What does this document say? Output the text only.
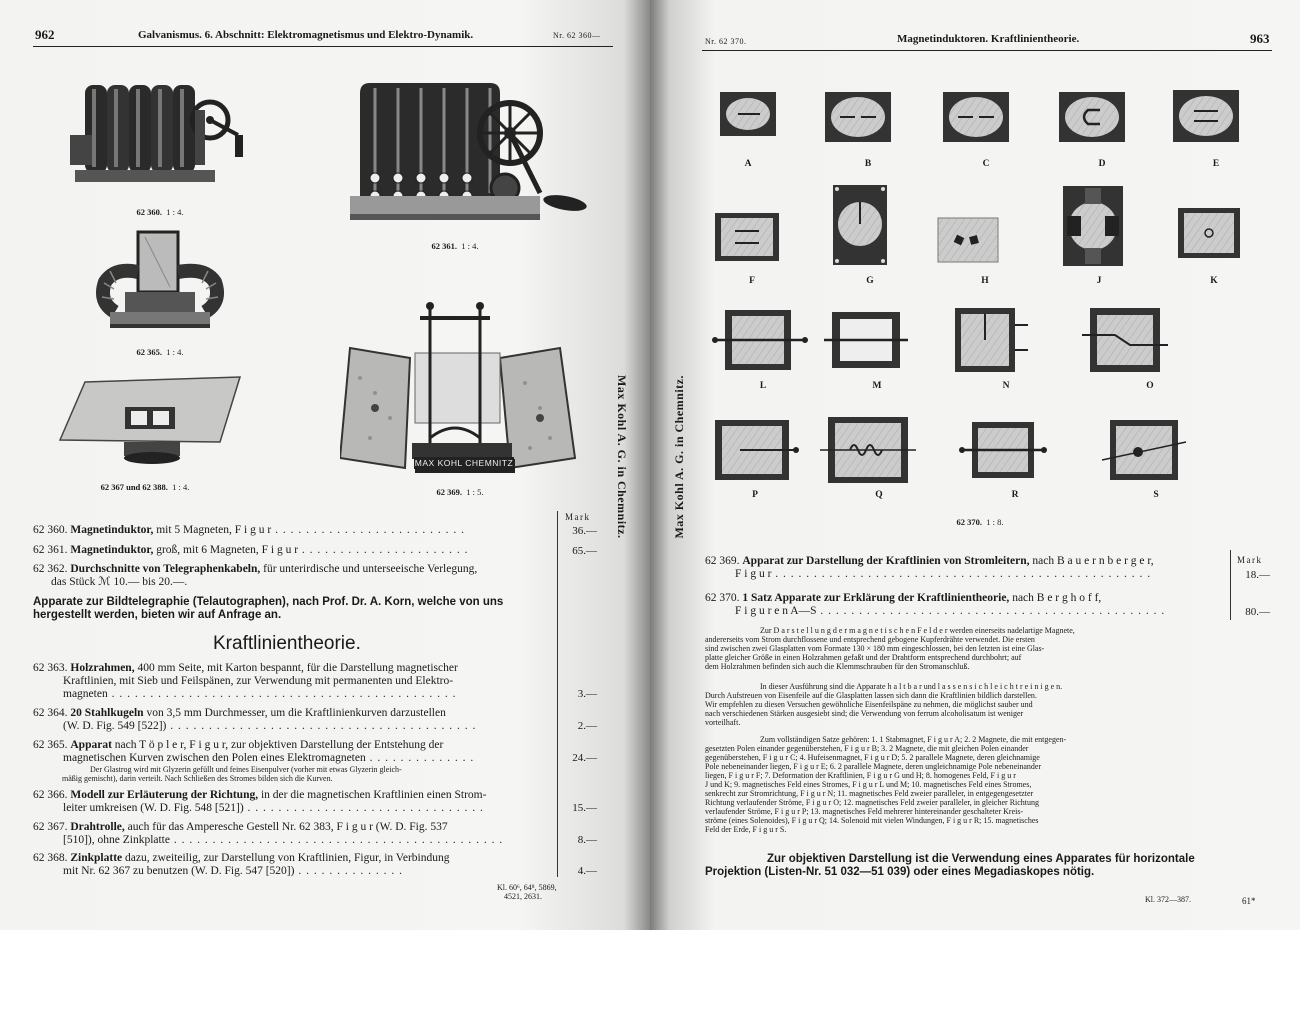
962	Galvanismus. 6. Abschnitt: Elektromagnetismus und Elektro-Dynamik.	Nr. 62 360—
62 360. 1 : 4.
62 361. 1 : 4.
62 365. 1 : 4.
62 367 und 62 388. 1 : 4.
MAX KOHL CHEMNITZ
62 369. 1 : 5.
Mark
62 360. Magnetinduktor, mit 5 Magneten, F i g u r . . . . . . . . . . . . . . . . . . . . . . . . .	36.—
62 361. Magnetinduktor, groß, mit 6 Magneten, F i g u r . . . . . . . . . . . . . . . . . . . . . .	65.—
62 362. Durchschnitte von Telegraphenkabeln, für unterirdische und unterseeische Verlegung,
das Stück ℳ 10.— bis 20.—.
Apparate zur Bildtelegraphie (Telautographen), nach Prof. Dr. A. Korn, welche von uns hergestellt werden, bieten wir auf Anfrage an.
Kraftlinientheorie.
62 363. Holzrahmen, 400 mm Seite, mit Karton bespannt, für die Darstellung magnetischer
Kraftlinien, mit Sieb und Feilspänen, zur Verwendung mit permanenten und Elektro-
magneten . . . . . . . . . . . . . . . . . . . . . . . . . . . . . . . . . . . . . . . . . . . . .	3.—
62 364. 20 Stahlkugeln von 3,5 mm Durchmesser, um die Kraftlinienkurven darzustellen
(W. D. Fig. 549 [522]) . . . . . . . . . . . . . . . . . . . . . . . . . . . . . . . . . . . . . . . .	2.—
62 365. Apparat nach T ö p l e r, F i g u r, zur objektiven Darstellung der Entstehung der
magnetischen Kurven zwischen den Polen eines Elektromagneten . . . . . . . . . . . . . .	24.—
Der Glastrog wird mit Glyzerin gefüllt und feines Eisenpulver (vorher mit etwas Glyzerin gleich-
mäßig gemischt), darin verteilt. Nach Schließen des Stromes bilden sich die Kurven.
62 366. Modell zur Erläuterung der Richtung, in der die magnetischen Kraftlinien einen Strom-
leiter umkreisen (W. D. Fig. 548 [521]) . . . . . . . . . . . . . . . . . . . . . . . . . . . . . . .	15.—
62 367. Drahtrolle, auch für das Amperesche Gestell Nr. 62 383, F i g u r (W. D. Fig. 537
[510]), ohne Zinkplatte . . . . . . . . . . . . . . . . . . . . . . . . . . . . . . . . . . . . . . . . . . .	8.—
62 368. Zinkplatte dazu, zweiteilig, zur Darstellung von Kraftlinien, Figur, in Verbindung
mit Nr. 62 367 zu benutzen (W. D. Fig. 547 [520]) . . . . . . . . . . . . . .	4.—
Kl. 60⁶, 64⁸, 5869,
4521, 2631.
Max Kohl A. G. in Chemnitz.	Max Kohl A. G. in Chemnitz.
Nr. 62 370.	Magnetinduktoren. Kraftlinientheorie.	963
A	B	C	D	E
F	G	H	J	K
L	M	N	O
P	Q	R	S
62 370. 1 : 8.
Mark
62 369. Apparat zur Darstellung der Kraftlinien von Stromleitern, nach B a u e r n b e r g e r,
F i g u r . . . . . . . . . . . . . . . . . . . . . . . . . . . . . . . . . . . . . . . . . . . . . . . . .	18.—
62 370. 1 Satz Apparate zur Erklärung der Kraftlinientheorie, nach B e r g h o f f,
F i g u r e n A—S . . . . . . . . . . . . . . . . . . . . . . . . . . . . . . . . . . . . . . . . . . . . .	80.—
Zur D a r s t e l l u n g d e r m a g n e t i s c h e n F e l d e r werden einerseits nadelartige Magnete,
andererseits vom Strom durchflossene und entsprechend gebogene Kupferdrähte verwendet. Die ersten
sind zwischen zwei Glasplatten vom Formate 130 × 180 mm eingeschlossen, bei den letzten ist eine Glas-
platte gleicher Größe in einen Holzrahmen gefaßt und der Drahtform entsprechend durchbohrt; auf
dem Holzrahmen befinden sich auch die Klemmschrauben für den Stromanschluß.
In dieser Ausführung sind die Apparate h a l t b a r und l a s s e n s i c h l e i c h t r e i n i g e n.
Durch Aufstreuen von Eisenfeile auf die Glasplatten lassen sich dann die Kraftlinien bildlich darstellen.
Wir empfehlen zu diesen Versuchen gewöhnliche Eisenfeilspäne zu nehmen, die möglichst sauber und
nach verschiedenen Stärken ausgesiebt sind; die Verwendung von ferrum alcoholisatum ist weniger
vorteilhaft.
Zum vollständigen Satze gehören: 1. 1 Stabmagnet, F i g u r A; 2. 2 Magnete, die mit entgegen-
gesetzten Polen einander gegenüberstehen, F i g u r B; 3. 2 Magnete, die mit gleichen Polen einander
gegenüberstehen, F i g u r C; 4. Hufeisenmagnet, F i g u r D; 5. 2 parallele Magnete, deren gleichnamige
Pole nebeneinander liegen, F i g u r E; 6. 2 parallele Magnete, deren ungleichnamige Pole nebeneinander
liegen, F i g u r F; 7. Deformation der Kraftlinien, F i g u r G und H; 8. homogenes Feld, F i g u r
J und K; 9. magnetisches Feld eines Stromes, F i g u r L und M; 10. magnetisches Feld eines Stromes,
senkrecht zur Stromrichtung, F i g u r N; 11. magnetisches Feld zweier paralleler, in entgegengesetzter
Richtung verlaufender Ströme, F i g u r O; 12. magnetisches Feld zweier paralleler, in gleicher Richtung
verlaufender Ströme, F i g u r P; 13. magnetisches Feld mehrerer hintereinander geschalteter Kreis-
ströme (eines Solenoides), F i g u r Q; 14. Solenoid mit vielen Windungen, F i g u r R; 15. magnetisches
Feld der Erde, F i g u r S.
Zur objektiven Darstellung ist die Verwendung eines Apparates für horizontale Projektion (Listen-Nr. 51 032—51 039) oder eines Megadiaskopes nötig.
Kl. 372—387.	61*
